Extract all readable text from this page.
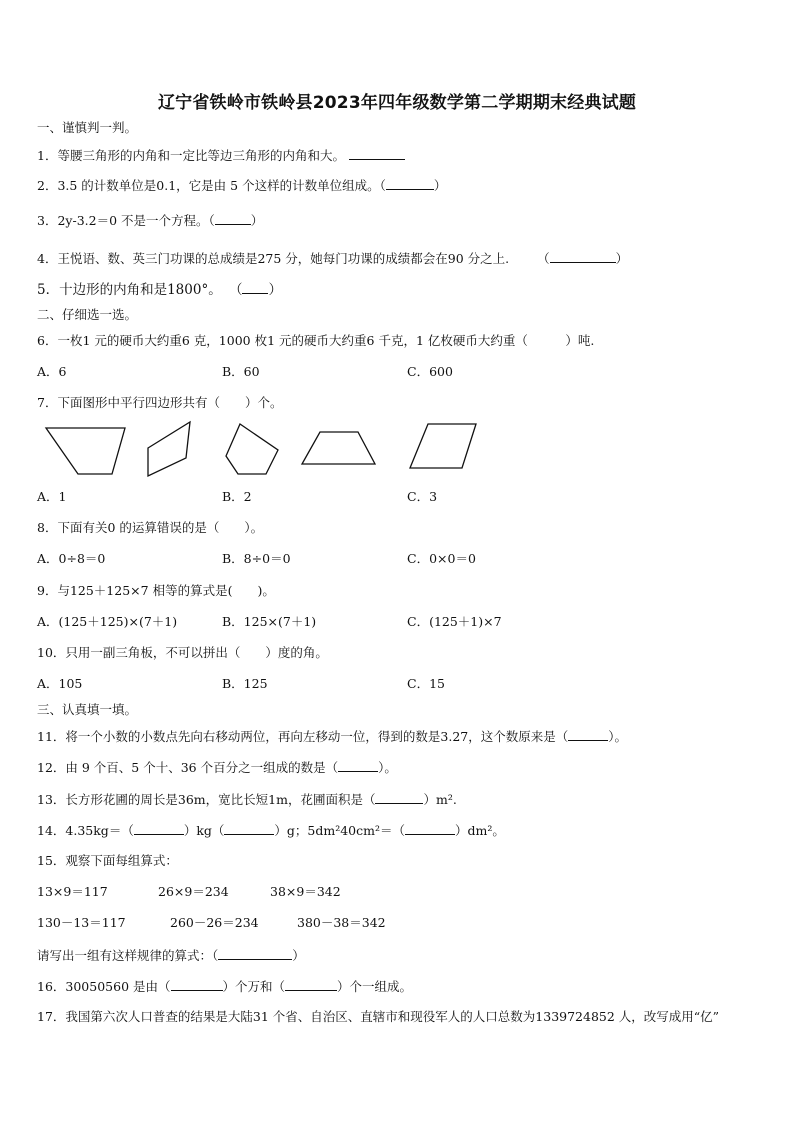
辽宁省铁岭市铁岭县2023年四年级数学第二学期期末经典试题
一、谨慎判一判。
1．等腰三角形的内角和一定比等边三角形的内角和大。
2．3.5 的计数单位是0.1，它是由 5 个这样的计数单位组成。（	）
3．2y-3.2＝0 不是一个方程。（	）
4．王悦语、数、英三门功课的总成绩是275 分，她每门功课的成绩都会在90 分之上. （	）
5．十边形的内角和是1800°。 （ ）
二、仔细选一选。
6．一枚1 元的硬币大约重6 克，1000 枚1 元的硬币大约重6 千克，1 亿枚硬币大约重（　　　）吨.
A．6	B．60	C．600
7．下面图形中平行四边形共有（　　）个。
A．1	B．2	C．3
8．下面有关0 的运算错误的是（　　）。
A．0÷8＝0	B．8÷0＝0	C．0×0＝0
9．与125＋125×7 相等的算式是(　　)。
A．(125＋125)×(7＋1)	B．125×(7＋1)	C．(125＋1)×7
10．只用一副三角板，不可以拼出（　　）度的角。
A．105	B．125	C．15
三、认真填一填。
11．将一个小数的小数点先向右移动两位，再向左移动一位，得到的数是3.27，这个数原来是（	）。
12．由 9 个百、5 个十、36 个百分之一组成的数是（	）。
13．长方形花圃的周长是36m，宽比长短1m，花圃面积是（	）m².
14．4.35kg＝（	）kg（	）g；5dm²40cm²＝（	）dm²。
15．观察下面每组算式：
13×9＝117	26×9＝234	38×9＝342
130－13＝117	260－26＝234	380－38＝342
请写出一组有这样规律的算式：（	）
16．30050560 是由（	）个万和（	）个一组成。
17．我国第六次人口普查的结果是大陆31 个省、自治区、直辖市和现役军人的人口总数为1339724852 人，改写成用“亿”
